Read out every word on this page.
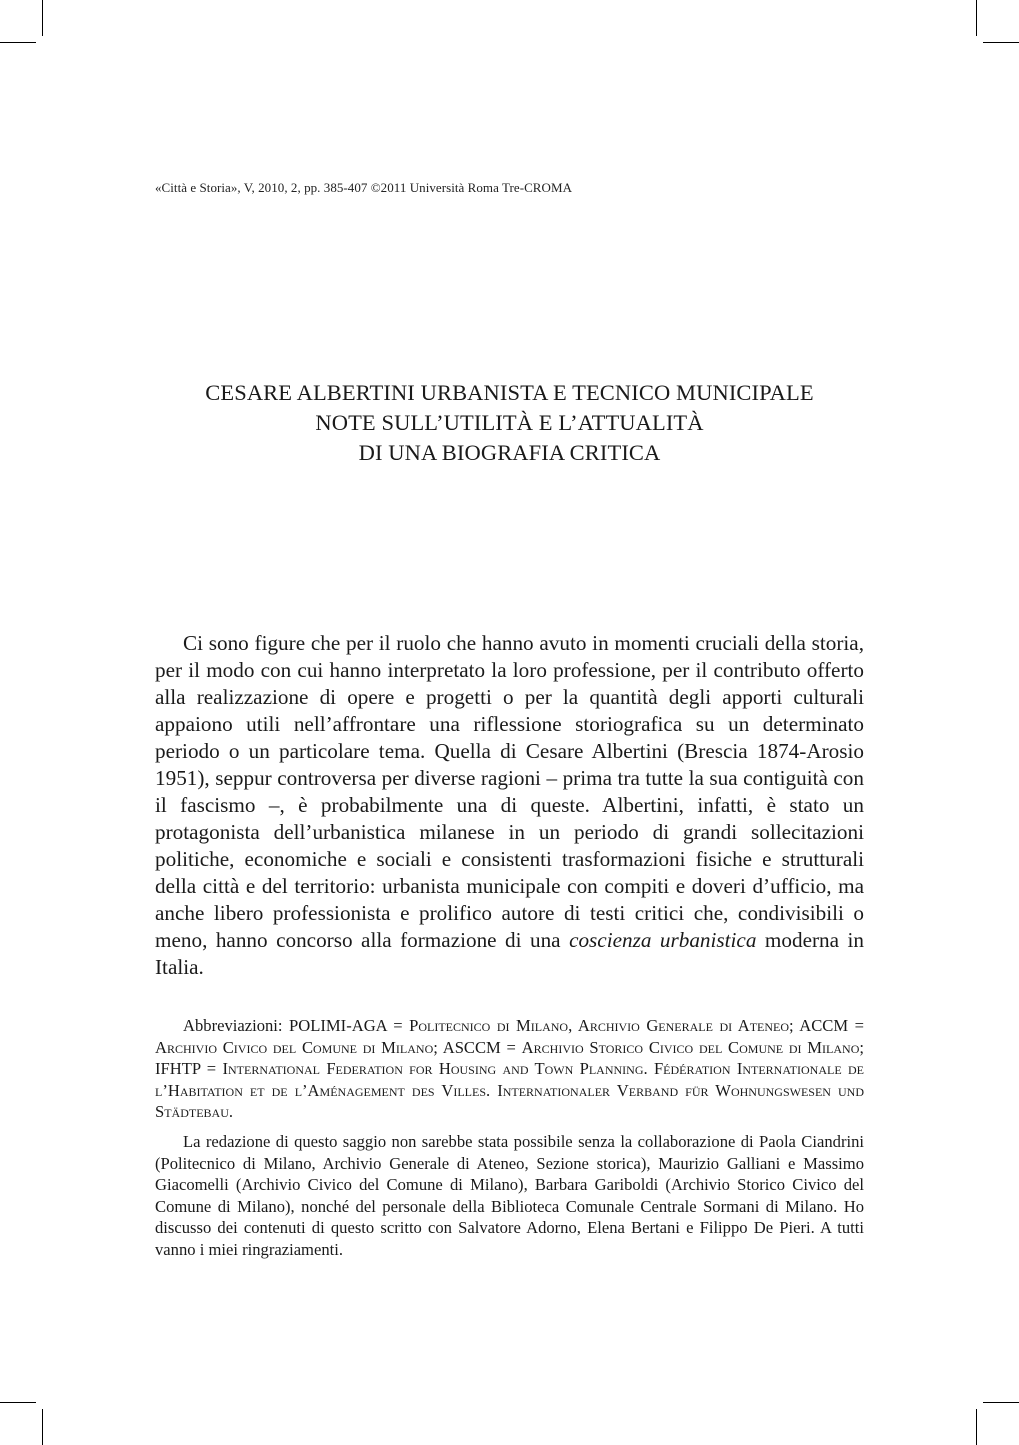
«Città e Storia», V, 2010, 2, pp. 385-407 ©2011 Università Roma Tre-CROMA
CESARE ALBERTINI URBANISTA E TECNICO MUNICIPALE
NOTE SULL’UTILITÀ E L’ATTUALITÀ
DI UNA BIOGRAFIA CRITICA

Ci sono figure che per il ruolo che hanno avuto in momenti cruciali della storia, per il modo con cui hanno interpretato la loro professione, per il contributo offerto alla realizzazione di opere e progetti o per la quantità degli apporti culturali appaiono utili nell’affrontare una riflessione storiografica su un determinato periodo o un particolare tema. Quella di Cesare Albertini (Brescia 1874-Arosio 1951), seppur controversa per diverse ragioni – prima tra tutte la sua contiguità con il fascismo –, è probabilmente una di queste. Albertini, infatti, è stato un protagonista dell’urbanistica milanese in un periodo di grandi sollecitazioni politiche, economiche e sociali e consistenti trasformazioni fisiche e strutturali della città e del territorio: urbanista municipale con compiti e doveri d’ufficio, ma anche libero professionista e prolifico autore di testi critici che, condivisibili o meno, hanno concorso alla formazione di una coscienza urbanistica moderna in Italia.

Abbreviazioni: POLIMI-AGA = Politecnico di Milano, Archivio Generale di Ateneo; ACCM = Archivio Civico del Comune di Milano; ASCCM = Archivio Storico Civico del Comune di Milano; IFHTP = International Federation for Housing and Town Planning. Fédération Internationale de l’Habitation et de l’Aménagement des Villes. Internationaler Verband für Wohnungswesen und Städtebau.

La redazione di questo saggio non sarebbe stata possibile senza la collaborazione di Paola Ciandrini (Politecnico di Milano, Archivio Generale di Ateneo, Sezione storica), Maurizio Galliani e Massimo Giacomelli (Archivio Civico del Comune di Milano), Barbara Gariboldi (Archivio Storico Civico del Comune di Milano), nonché del personale della Biblioteca Comunale Centrale Sormani di Milano. Ho discusso dei contenuti di questo scritto con Salvatore Adorno, Elena Bertani e Filippo De Pieri. A tutti vanno i miei ringraziamenti.
